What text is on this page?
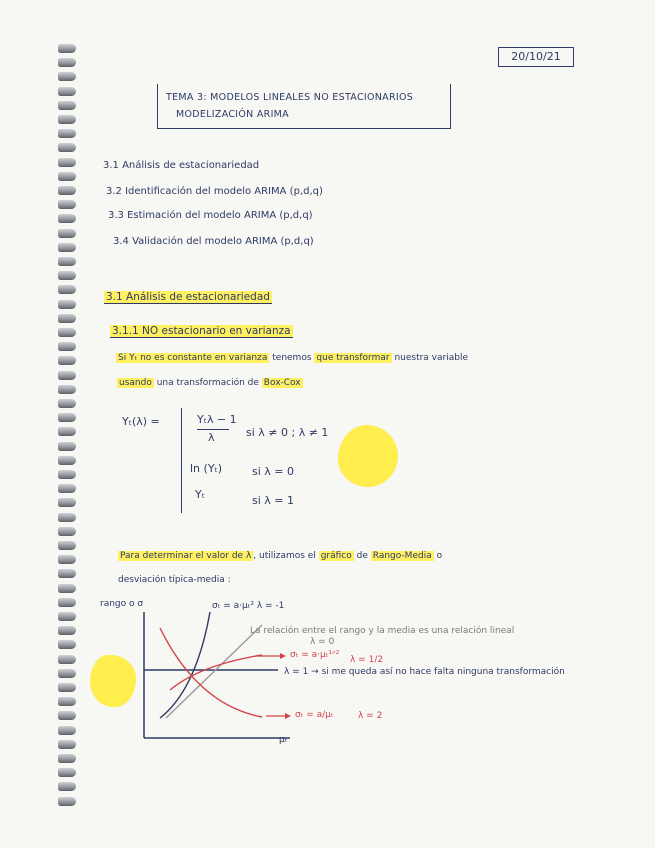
20/10/21
TEMA 3: MODELOS LINEALES NO ESTACIONARIOS
MODELIZACIÓN ARIMA
3.1 Análisis de estacionariedad
3.2 Identificación del modelo ARIMA (p,d,q)
3.3 Estimación del modelo ARIMA (p,d,q)
3.4 Validación del modelo ARIMA (p,d,q)
3.1 Análisis de estacionariedad
3.1.1 NO estacionario en varianza
Si Yₜ no es constante en varianza tenemos que transformar nuestra variable
usando una transformación de Box-Cox
Yₜ(λ) =	Yₜλ − 1
λ	si λ ≠ 0 ; λ ≠ 1
ln (Yₜ)	si λ = 0
Yₜ	si λ = 1
Para determinar el valor de λ , utilizamos el gráfico de Rango-Media o
desviación típica-media :
rango o σ
μₜ
σₜ = a·μₜ² λ = -1
La relación entre el rango y la media es una relación lineal
λ = 0
σₜ = a·μₜ¹ᐟ² λ = 1/2
λ = 1 → si me queda así no hace falta ninguna transformación
σₜ = a/μₜ	λ = 2
